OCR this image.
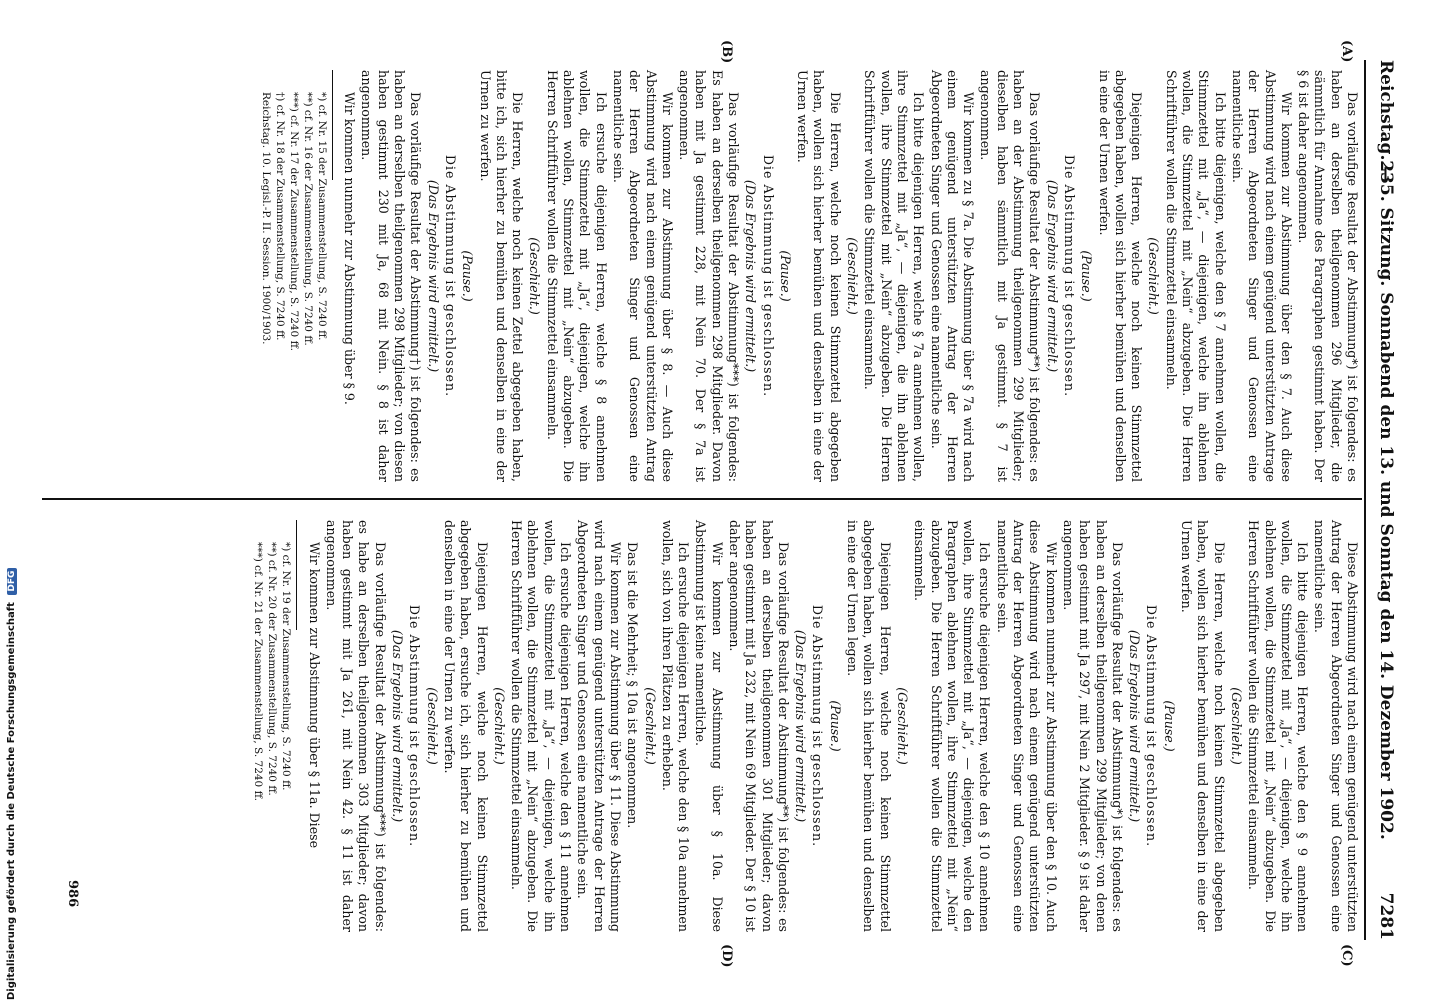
Reichstag. —
235. Sitzung. Sonnabend den 13. und Sonntag den 14. Dezember 1902.
7281
(A)
(B)
(C)
(D)

Das vorläufige Resultat der Abstimmung*) ist folgendes: es haben an derselben theilgenommen 296 Mitglieder, die sämmtlich für Annahme des Paragraphen gestimmt haben. Der § 6 ist daher angenommen.

Wir kommen zur Abstimmung über den § 7. Auch diese Abstimmung wird nach einem genügend unterstützten Antrage der Herren Abgeordneten Singer und Genossen eine namentliche sein.

Ich bitte diejenigen, welche den § 7 annehmen wollen, die Stimmzettel mit „Ja“, — diejenigen, welche ihn ablehnen wollen, die Stimmzettel mit „Nein“ abzugeben. Die Herren Schriftführer wollen die Stimmzettel einsammeln.

(Geschieht.)

Diejenigen Herren, welche noch keinen Stimmzettel abgegeben haben, wollen sich hierher bemühen und denselben in eine der Urnen werfen.

(Pause.)

Die Abstimmung ist geschlossen.

(Das Ergebnis wird ermittelt.)

Das vorläufige Resultat der Abstimmung**) ist folgendes: es haben an der Abstimmung theilgenommen 299 Mitglieder; dieselben haben sämmtlich mit Ja gestimmt. § 7 ist angenommen.

Wir kommen zu § 7a. Die Abstimmung über § 7a wird nach einem genügend unterstützten Antrag der Herren Abgeordneten Singer und Genossen eine namentliche sein.

Ich bitte diejenigen Herren, welche § 7a annehmen wollen, ihre Stimmzettel mit „Ja“, — diejenigen, die ihn ablehnen wollen, ihre Stimmzettel mit „Nein“ abzugeben. Die Herren Schriftführer wollen die Stimmzettel einsammeln.

(Geschieht.)

Die Herren, welche noch keinen Stimmzettel abgegeben haben, wollen sich hierher bemühen und denselben in eine der Urnen werfen.

(Pause.)

Die Abstimmung ist geschlossen.

(Das Ergebnis wird ermittelt.)

Das vorläufige Resultat der Abstimmung***) ist folgendes: Es haben an derselben theilgenommen 298 Mitglieder. Davon haben mit Ja gestimmt 228, mit Nein 70. Der § 7a ist angenommen.

Wir kommen zur Abstimmung über § 8. — Auch diese Abstimmung wird nach einem genügend unterstützten Antrag der Herren Abgeordneten Singer und Genossen eine namentliche sein.

Ich ersuche diejenigen Herren, welche § 8 annehmen wollen, die Stimmzettel mit „Ja“, diejenigen, welche ihn ablehnen wollen, Stimmzettel mit „Nein“ abzugeben. Die Herren Schriftführer wollen die Stimmzettel einsammeln.

(Geschieht.)

Die Herren, welche noch keinen Zettel abgegeben haben, bitte ich, sich hierher zu bemühen und denselben in eine der Urnen zu werfen.

(Pause.)

Die Abstimmung ist geschlossen.

(Das Ergebnis wird ermittelt.)

Das vorläufige Resultat der Abstimmung†) ist folgendes: es haben an derselben theilgenommen 298 Mitglieder; von diesen haben gestimmt 230 mit Ja, 68 mit Nein. § 8 ist daher angenommen.

Wir kommen nunmehr zur Abstimmung über § 9.

*) cf. Nr. 15 der Zusammenstellung, S. 7240 ff.

**) cf. Nr. 16 der Zusammenstellung, S. 7240 ff.

***) cf. Nr. 17 der Zusammenstellung, S. 7240 ff.

†) cf. Nr. 18 der Zusammenstellung, S. 7240 ff.

Reichstag. 10. Legisl.-P. II. Session. 1900/1903.

Diese Abstimmung wird nach einem genügend unterstützten Antrag der Herren Abgeordneten Singer und Genossen eine namentliche sein.

Ich bitte diejenigen Herren, welche den § 9 annehmen wollen, die Stimmzettel mit „Ja“, — diejenigen, welche ihn ablehnen wollen, die Stimmzettel mit „Nein“ abzugeben. Die Herren Schriftführer wollen die Stimmzettel einsammeln.

(Geschieht.)

Die Herren, welche noch keinen Stimmzettel abgegeben haben, wollen sich hierher bemühen und denselben in eine der Urnen werfen.

(Pause.)

Die Abstimmung ist geschlossen.

(Das Ergebnis wird ermittelt.)

Das vorläufige Resultat der Abstimmung*) ist folgendes: es haben an derselben theilgenommen 299 Mitglieder; von denen haben gestimmt mit Ja 297, mit Nein 2 Mitglieder. § 9 ist daher angenommen.

Wir kommen nunmehr zur Abstimmung über den § 10. Auch diese Abstimmung wird nach einem genügend unterstützten Antrag der Herren Abgeordneten Singer und Genossen eine namentliche sein.

Ich ersuche diejenigen Herren, welche den § 10 annehmen wollen, ihre Stimmzettel mit „Ja“, — diejenigen, welche den Paragraphen ablehnen wollen, ihre Stimmzettel mit „Nein“ abzugeben. Die Herren Schriftführer wollen die Stimmzettel einsammeln.

(Geschieht.)

Diejenigen Herren, welche noch keinen Stimmzettel abgegeben haben, wollen sich hierher bemühen und denselben in eine der Urnen legen.

(Pause.)

Die Abstimmung ist geschlossen.

(Das Ergebnis wird ermittelt.)

Das vorläufige Resultat der Abstimmung**) ist folgendes: es haben an derselben theilgenommen 301 Mitglieder; davon haben gestimmt mit Ja 232, mit Nein 69 Mitglieder. Der § 10 ist daher angenommen.

Wir kommen zur Abstimmung über § 10a. Diese Abstimmung ist keine namentliche.

Ich ersuche diejenigen Herren, welche den § 10a annehmen wollen, sich von ihren Plätzen zu erheben.

(Geschieht.)

Das ist die Mehrheit; § 10a ist angenommen.

Wir kommen zur Abstimmung über § 11. Diese Abstimmung wird nach einem genügend unterstützten Antrage der Herren Abgeordneten Singer und Genossen eine namentliche sein.

Ich ersuche diejenigen Herren, welche den § 11 annehmen wollen, die Stimmzettel mit „Ja“, — diejenigen, welche ihn ablehnen wollen, die Stimmzettel mit „Nein“ abzugeben. Die Herren Schriftführer wollen die Stimmzettel einsammeln.

(Geschieht.)

Diejenigen Herren, welche noch keinen Stimmzettel abgegeben haben, ersuche ich, sich hierher zu bemühen und denselben in eine der Urnen zu werfen.

(Geschieht.)

Die Abstimmung ist geschlossen.

(Das Ergebnis wird ermittelt.)

Das vorläufige Resultat der Abstimmung***) ist folgendes: es habe an derselben theilgenommen 303 Mitglieder; davon haben gestimmt mit Ja 261, mit Nein 42. § 11 ist daher angenommen.

Wir kommen zur Abstimmung über § 11a. Diese

*) cf. Nr. 19 der Zusammenstellung, S. 7240 ff.

**) cf. Nr. 20 der Zusammenstellung, S. 7240 ff.

***) cf. Nr. 21 der Zusammenstellung, S. 7240 ff.

986
Digitalisierung gefördert durch die Deutsche Forschungsgemeinschaft DFG
